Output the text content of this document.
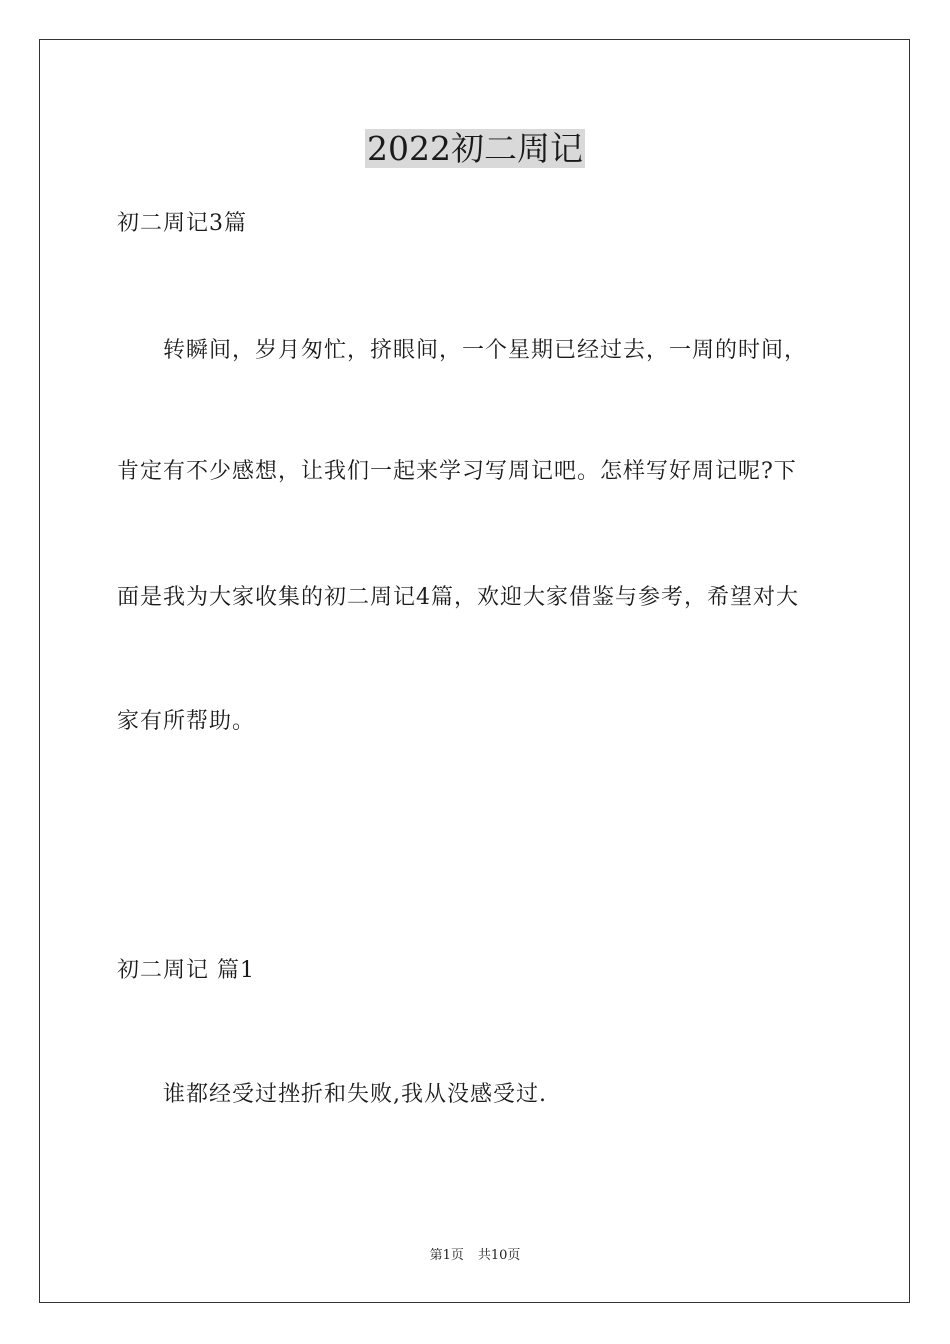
2022初二周记
初二周记3篇
转瞬间，岁月匆忙，挤眼间，一个星期已经过去，一周的时间，
肯定有不少感想，让我们一起来学习写周记吧。怎样写好周记呢?下
面是我为大家收集的初二周记4篇，欢迎大家借鉴与参考，希望对大
家有所帮助。
初二周记 篇1
谁都经受过挫折和失败,我从没感受过.
第1页 共10页
